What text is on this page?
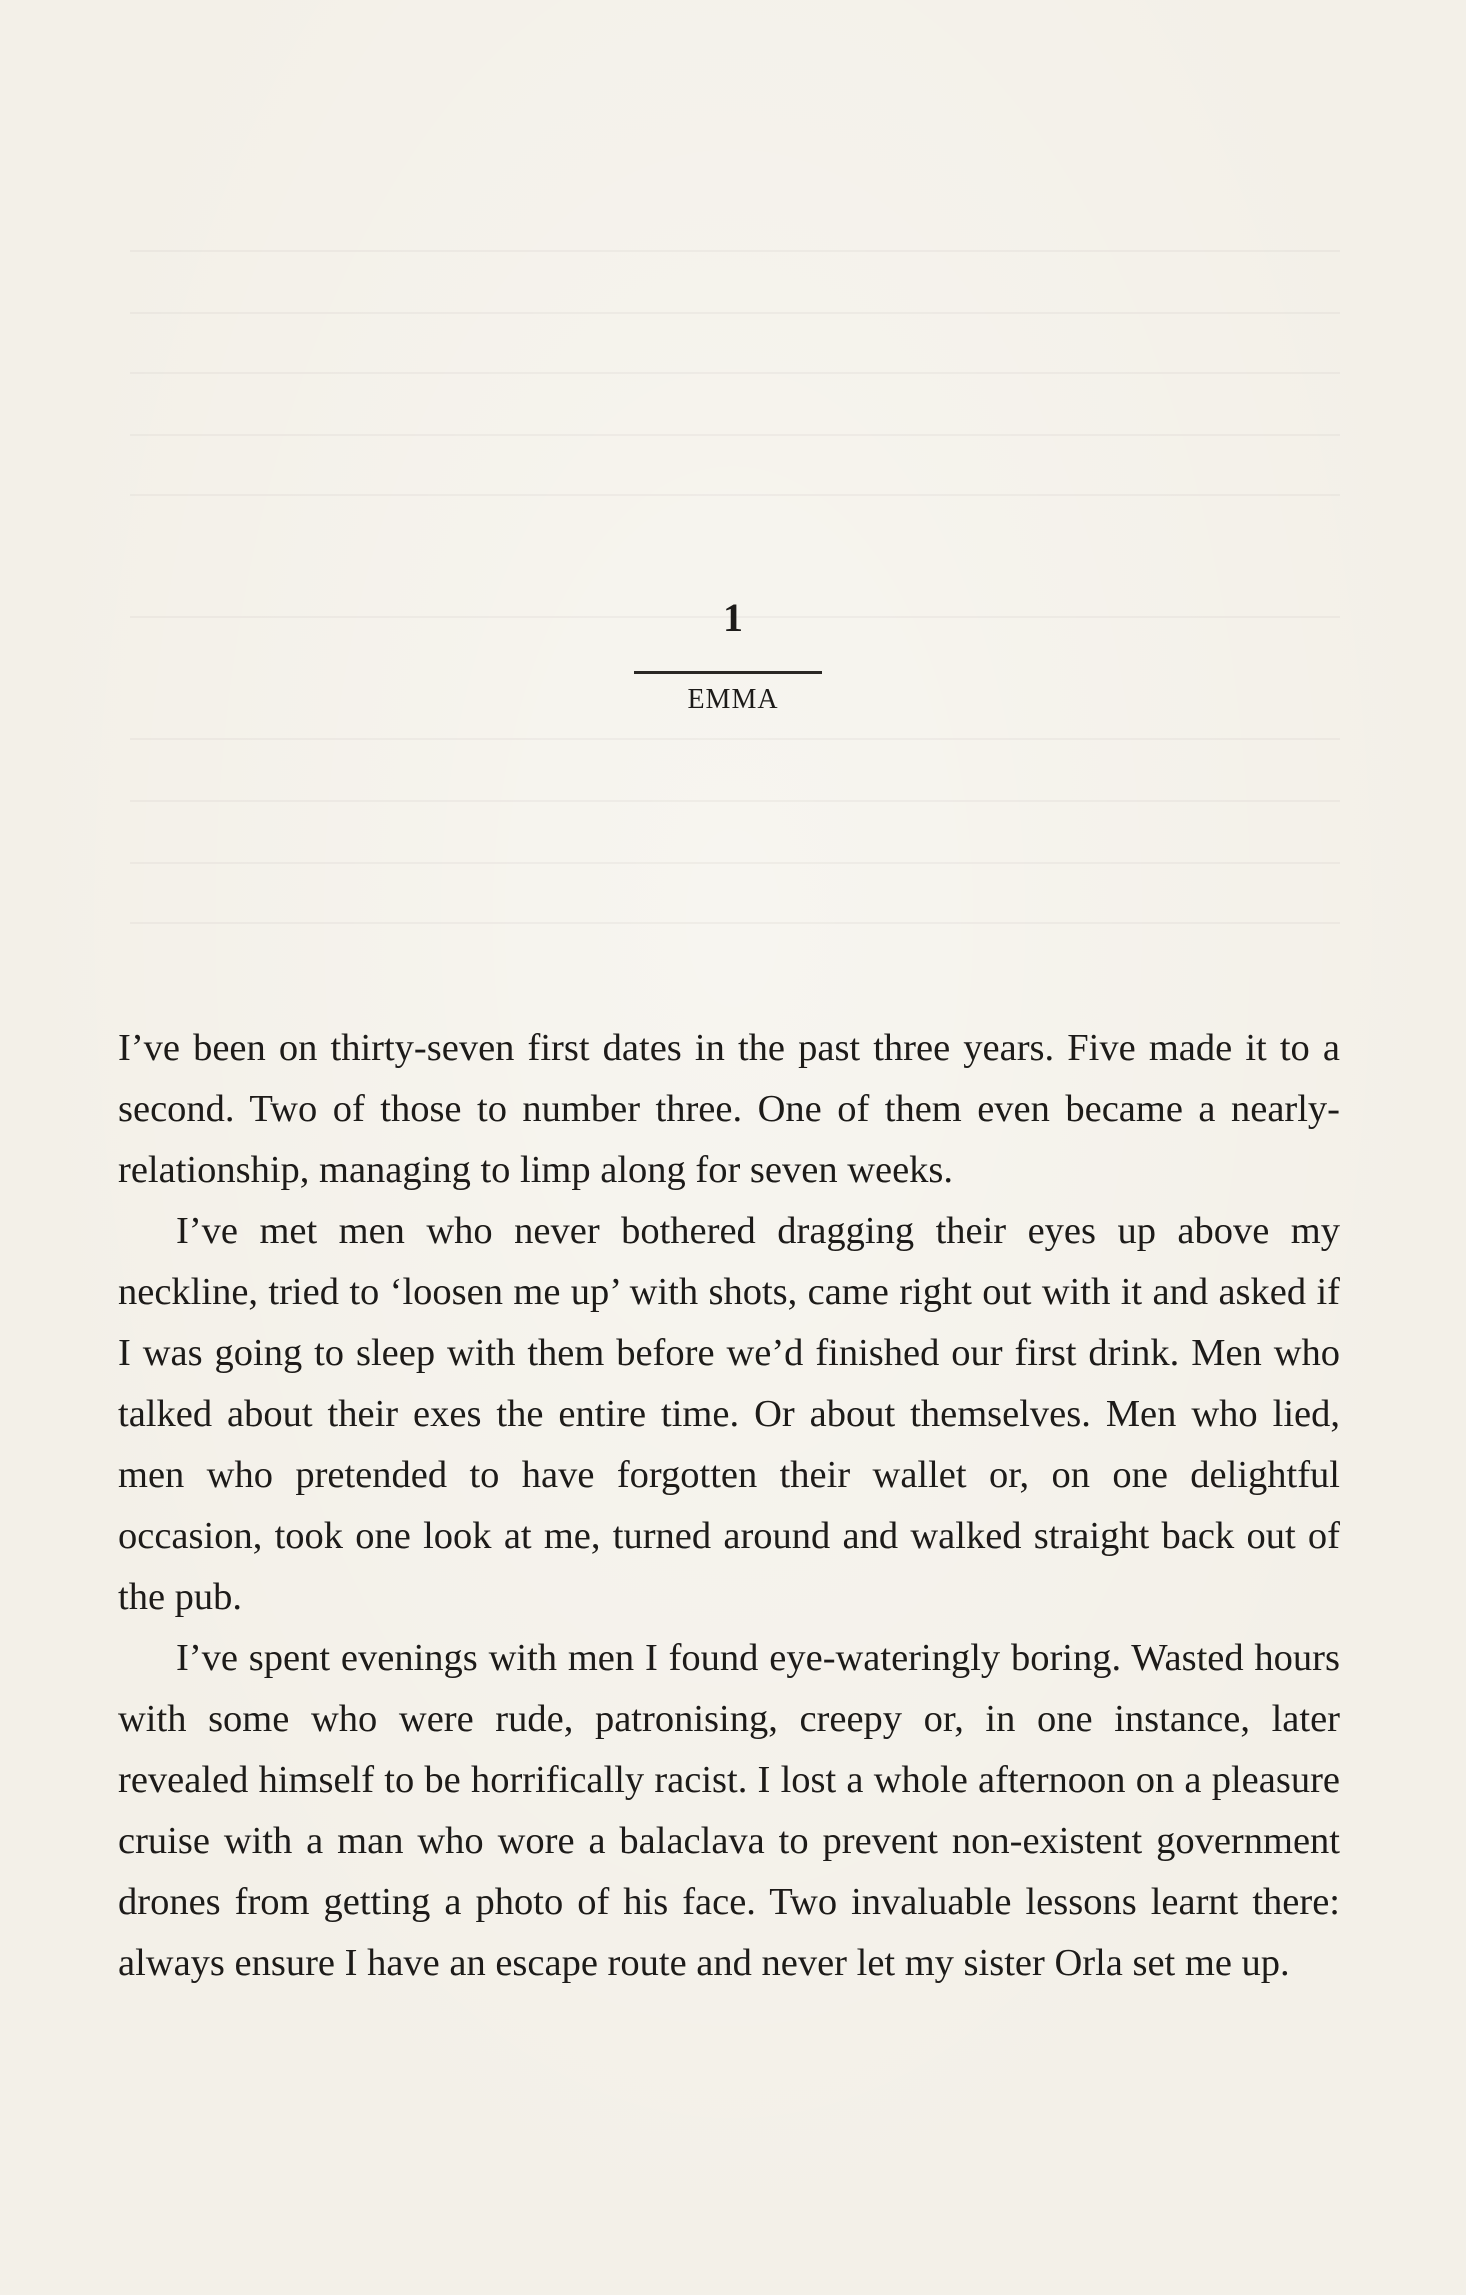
1
EMMA

I’ve been on thirty-seven first dates in the past three years. Five made it to a second. Two of those to number three. One of them even became a nearly-relationship, managing to limp along for seven weeks.

I’ve met men who never bothered dragging their eyes up above my neckline, tried to ‘loosen me up’ with shots, came right out with it and asked if I was going to sleep with them before we’d finished our first drink. Men who talked about their exes the entire time. Or about themselves. Men who lied, men who pretended to have forgotten their wallet or, on one delightful occasion, took one look at me, turned around and walked straight back out of the pub.

I’ve spent evenings with men I found eye-wateringly boring. Wasted hours with some who were rude, patronising, creepy or, in one instance, later revealed himself to be horrifically racist. I lost a whole afternoon on a pleasure cruise with a man who wore a balaclava to prevent non-existent government drones from getting a photo of his face. Two invaluable lessons learnt there: always ensure I have an escape route and never let my sister Orla set me up.
